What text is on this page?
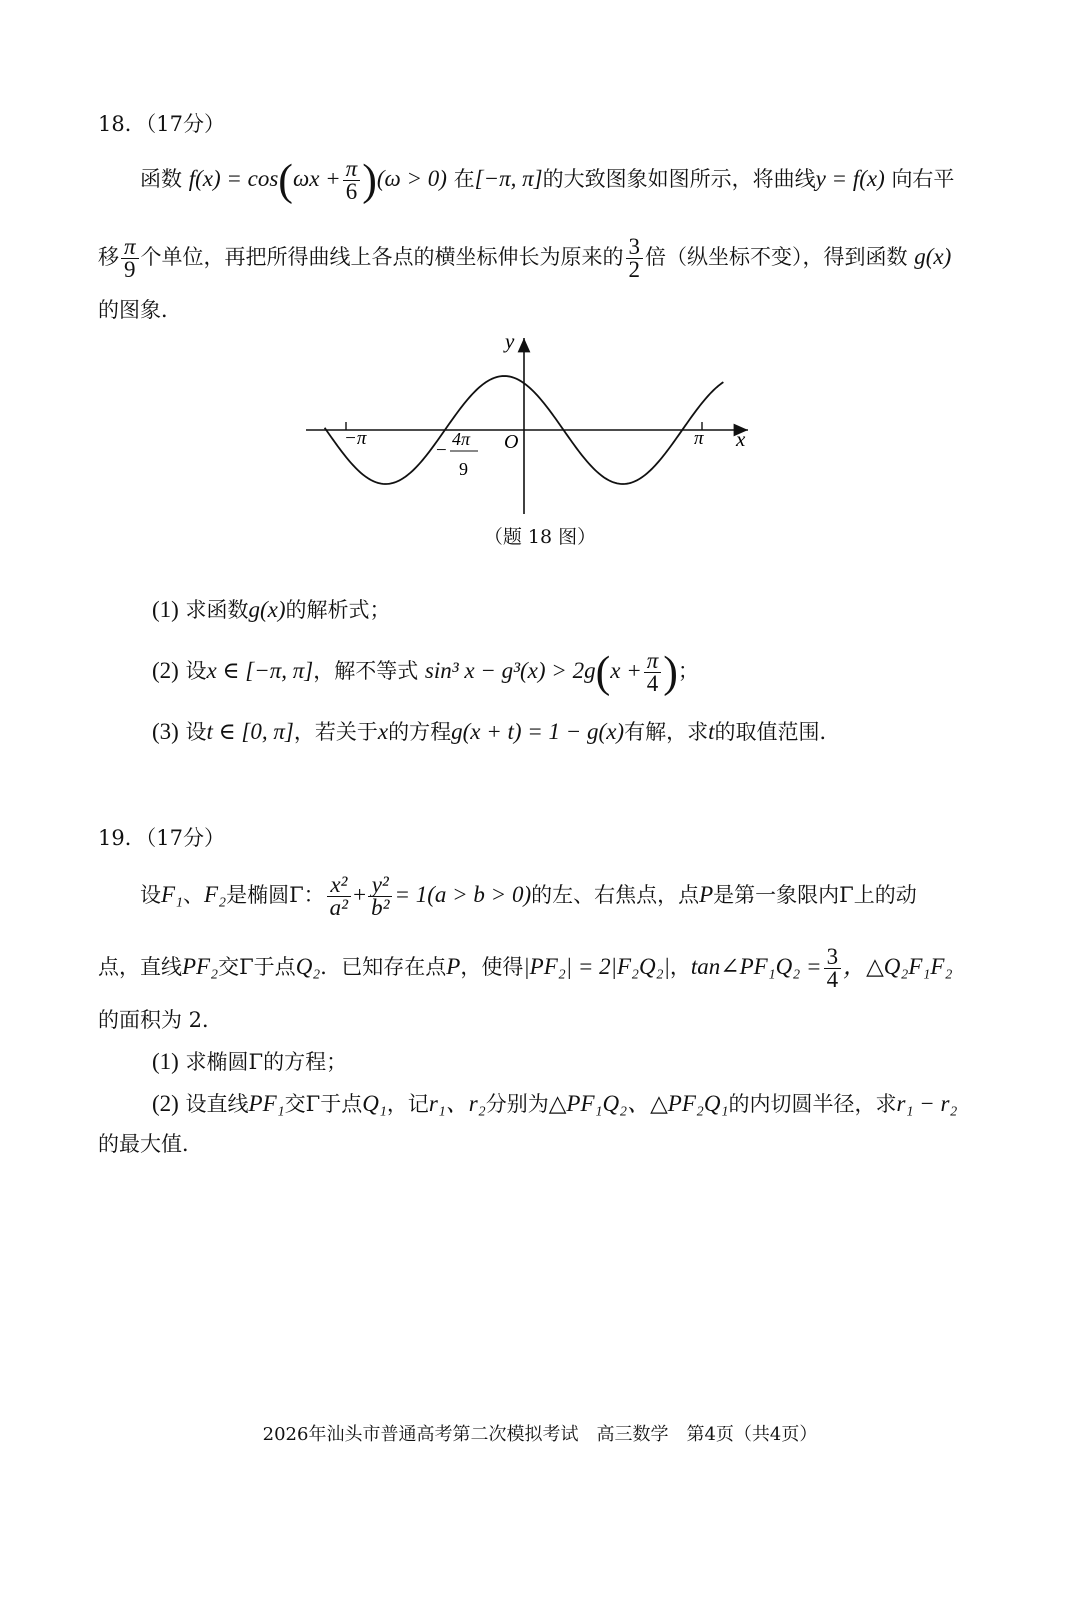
18．（17分）
函数 $f(x) = \cos(\omega x + \frac{\pi}{6} )(\omega > 0)$ 在[−π, π]的大致图象如图所示，将曲线y = f(x) 向右平
移 $\frac{\pi}{9}$ 个单位，再把所得曲线上各点的横坐标伸长为原来的 $\frac{3}{2}$ 倍（纵坐标不变），得到函数 g(x)
的图象．
y
x
O
−π	π
−
4π
9
（题 18 图）
(1) 求函数g(x)的解析式；
(2) 设x ∈ [−π, π]，解不等式 sin³ $x - g^3(x) > 2g(x + \frac{\pi}{4}$ )；
(3) 设t ∈ [0, π]，若关于x的方程g(x + t) = 1 − g(x)有解，求t的取值范围．
19．（17分）
设F₁、F₂是椭圆Γ： $\frac{\text{x²}}{\text{a²}} + \frac{\text{y²}}{\text{b²}} = 1(a > b > 0)$的左、右焦点，点P是第一象限内Γ上的动
点，直线PF₂交Γ于点Q₂．已知存在点P，使得|PF₂| = 2|F₂Q₂|，tan∠PF₁Q₂ = $\frac{3}{4}$ ，△Q₂F₁F₂
的面积为 2．
(1) 求椭圆Γ的方程；
(2) 设直线PF₁交Γ于点Q₁，记r₁、r₂分别为△PF₁Q₂、△PF₂Q₁的内切圆半径，求r₁ − r₂
的最大值．
2026年汕头市普通高考第二次模拟考试　高三数学　第4页（共4页）
